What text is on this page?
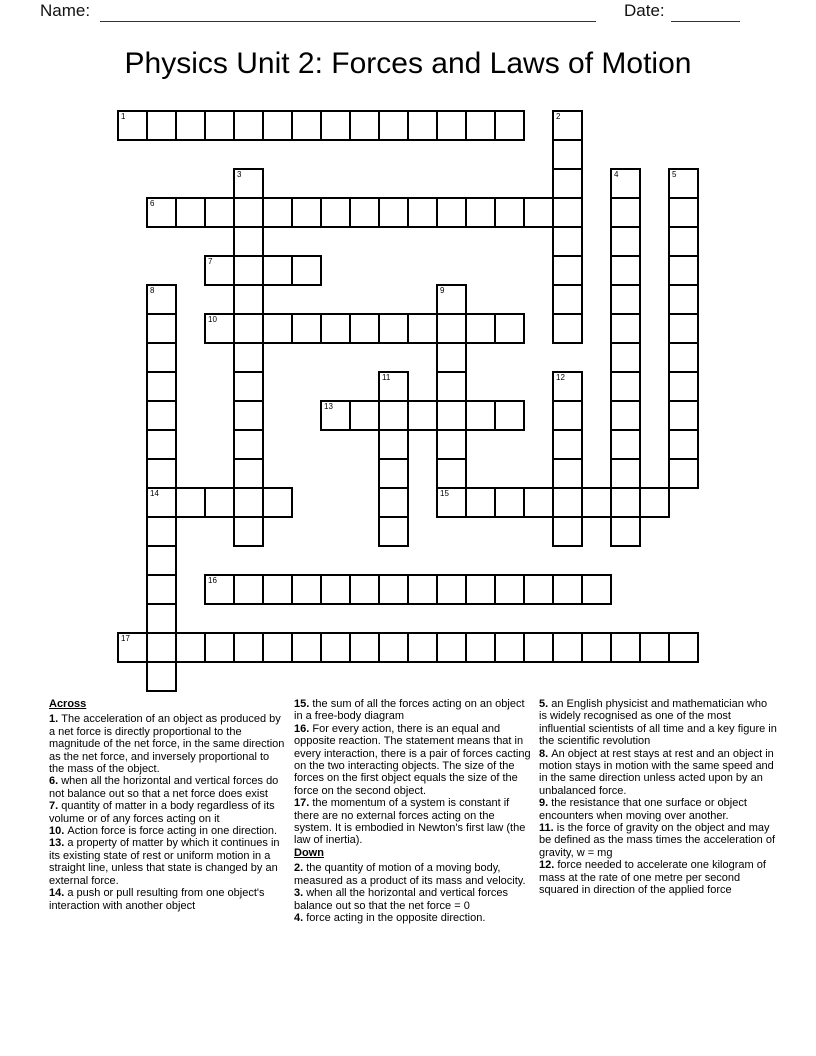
Name:	Date:
Physics Unit 2: Forces and Laws of Motion
1	2
3	4	5
6
7
8
14
9
15
10
11	12
13
16
17

Across

1. The acceleration of an object as produced by a net force is directly proportional to the magnitude of the net force, in the same direction as the net force, and inversely proportional to the mass of the object.

6. when all the horizontal and vertical forces do not balance out so that a net force does exist

7. quantity of matter in a body regardless of its volume or of any forces acting on it

10. Action force is force acting in one direction.

13. a property of matter by which it continues in its existing state of rest or uniform motion in a straight line, unless that state is changed by an external force.

14. a push or pull resulting from one object's interaction with another object

15. the sum of all the forces acting on an object in a free-body diagram

16. For every action, there is an equal and opposite reaction. The statement means that in every interaction, there is a pair of forces cacting on the two interacting objects. The size of the forces on the first object equals the size of the force on the second object.

17. the momentum of a system is constant if there are no external forces acting on the system. It is embodied in Newton's first law (the law of inertia).

Down

2. the quantity of motion of a moving body, measured as a product of its mass and velocity.

3. when all the horizontal and vertical forces balance out so that the net force = 0

4. force acting in the opposite direction.

5. an English physicist and mathematician who is widely recognised as one of the most influential scientists of all time and a key figure in the scientific revolution

8. An object at rest stays at rest and an object in motion stays in motion with the same speed and in the same direction unless acted upon by an unbalanced force.

9. the resistance that one surface or object encounters when moving over another.

11. is the force of gravity on the object and may be defined as the mass times the acceleration of gravity, w = mg

12. force needed to accelerate one kilogram of mass at the rate of one metre per second squared in direction of the applied force
